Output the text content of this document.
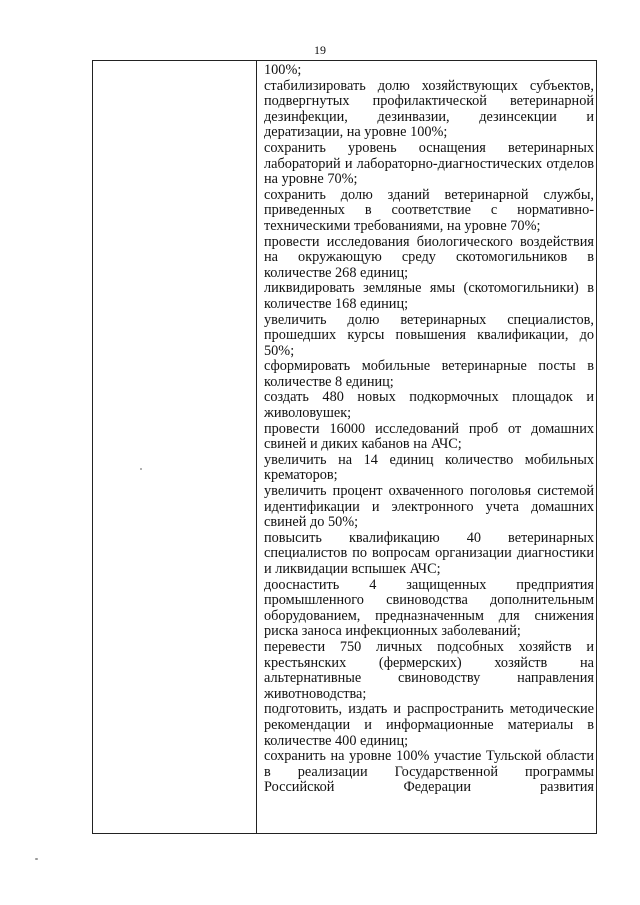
19

100%;

стабилизировать долю хозяйствующих субъектов, подвергнутых профилактической ветеринарной дезинфекции, дезинвазии, дезинсекции и дератизации, на уровне 100%;

сохранить уровень оснащения ветеринарных лабораторий и лабораторно-диагностических отделов на уровне 70%;

сохранить долю зданий ветеринарной службы, приведенных в соответствие с нормативно-техническими требованиями, на уровне 70%;

провести исследования биологического воздействия на окружающую среду скотомогильников в количестве 268 единиц;

ликвидировать земляные ямы (скотомогильники) в количестве 168 единиц;

увеличить долю ветеринарных специалистов, прошедших курсы повышения квалификации, до 50%;

сформировать мобильные ветеринарные посты в количестве 8 единиц;

создать 480 новых подкормочных площадок и живоловушек;

провести 16000 исследований проб от домашних свиней и диких кабанов на АЧС;

увеличить на 14 единиц количество мобильных крематоров;

увеличить процент охваченного поголовья системой идентификации и электронного учета домашних свиней до 50%;

повысить квалификацию 40 ветеринарных специалистов по вопросам организации диагностики и ликвидации вспышек АЧС;

дооснастить 4 защищенных предприятия промышленного свиноводства дополнительным оборудованием, предназначенным для снижения риска заноса инфекционных заболеваний;

перевести 750 личных подсобных хозяйств и крестьянских (фермерских) хозяйств на альтернативные свиноводству направления животноводства;

подготовить, издать и распространить методические рекомендации и информационные материалы в количестве 400 единиц;

сохранить на уровне 100% участие Тульской области в реализации Государственной программы Российской Федерации развития
